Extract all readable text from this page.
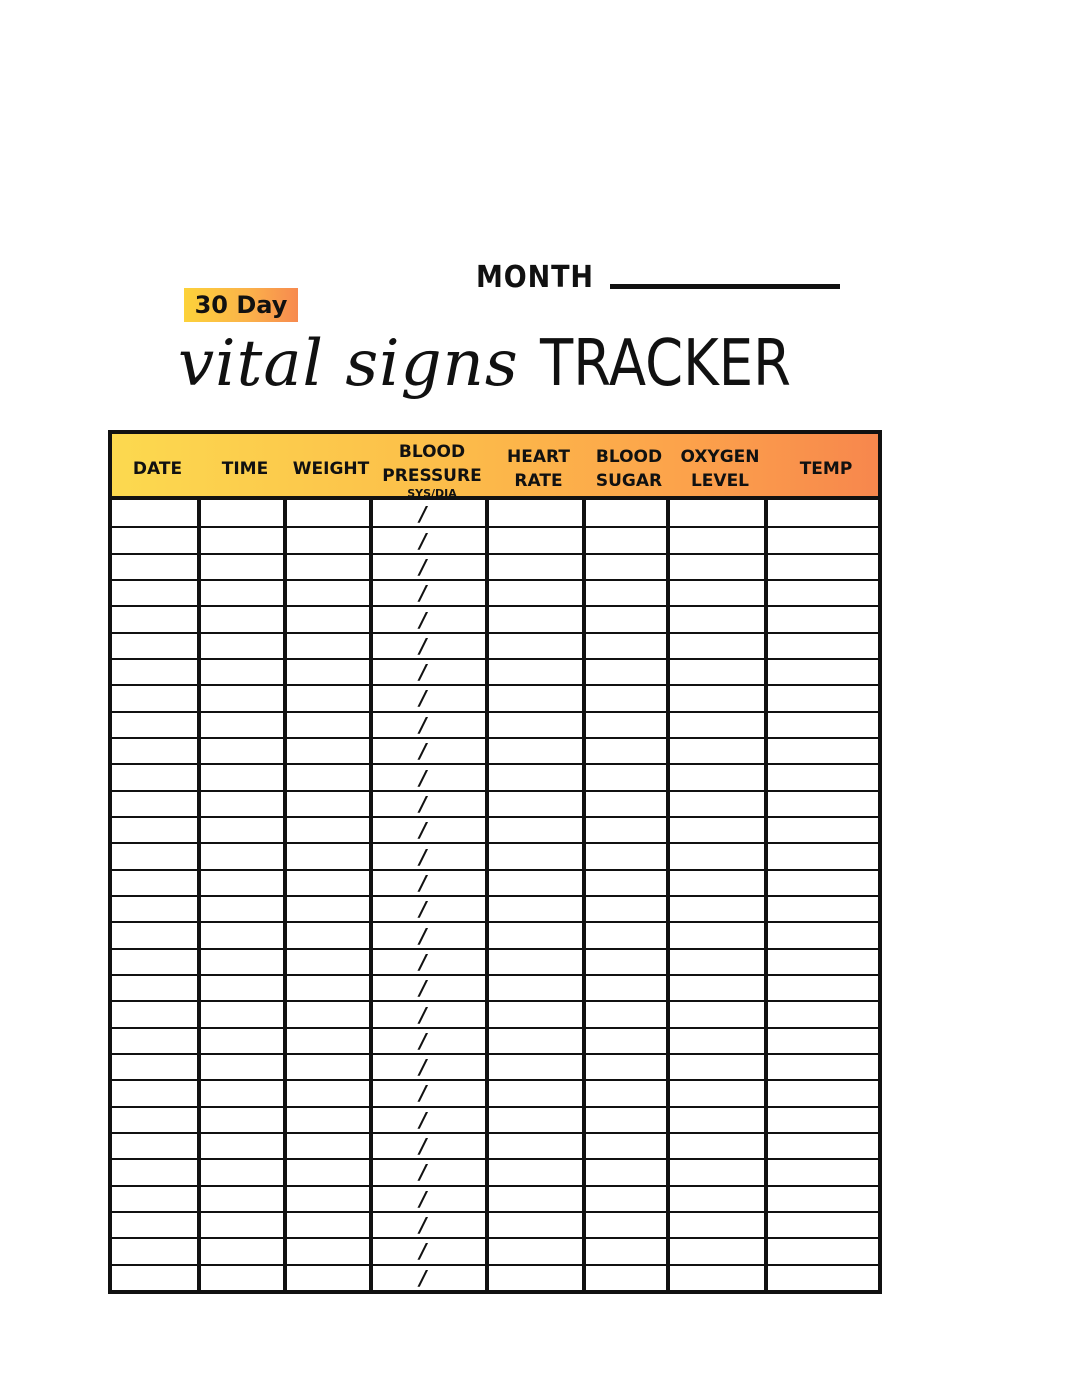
MONTH
30 Day
vital signs TRACKER
DATE TIME WEIGHT
BLOOD
PRESSURE
SYS/DIA
HEART
RATE
BLOOD
SUGAR
OXYGEN
LEVEL
TEMP
/
/
/
/
/
/
/
/
/
/
/
/
/
/
/
/
/
/
/
/
/
/
/
/
/
/
/
/
/
/
